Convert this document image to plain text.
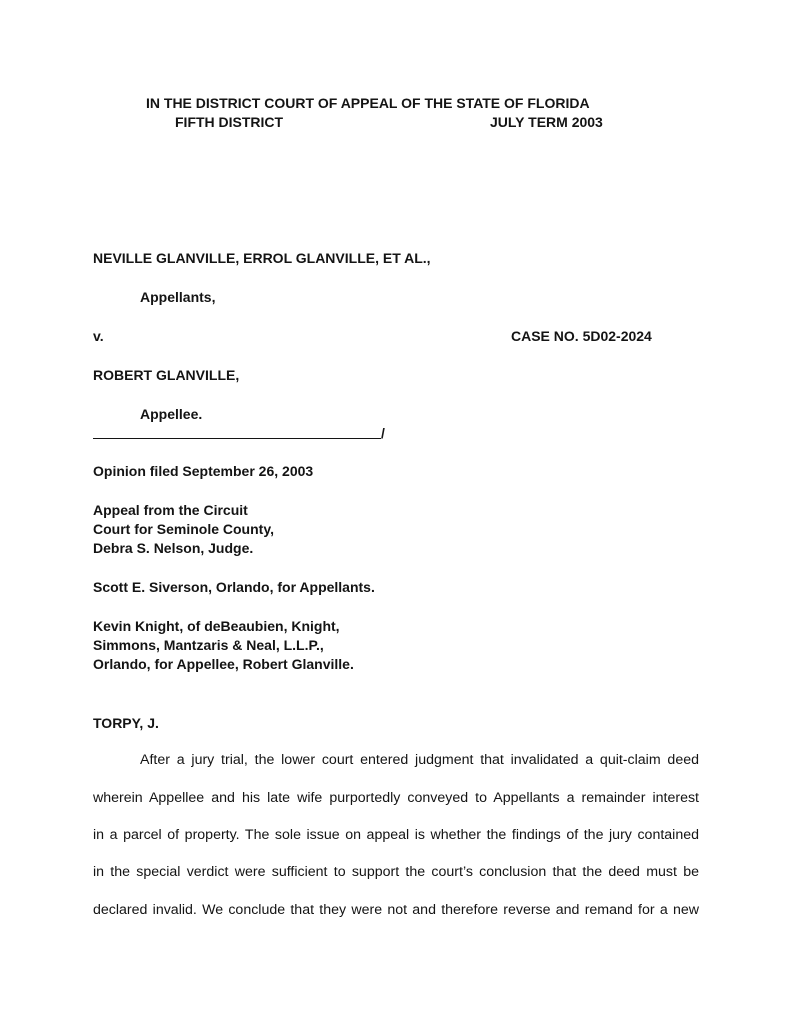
IN THE DISTRICT COURT OF APPEAL OF THE STATE OF FLORIDA
FIFTH DISTRICT	JULY TERM 2003
NEVILLE GLANVILLE, ERROL GLANVILLE, ET AL.,
Appellants,
v.	CASE NO. 5D02-2024
ROBERT GLANVILLE,
Appellee.
/
Opinion filed September 26, 2003
Appeal from the Circuit
Court for Seminole County,
Debra S. Nelson, Judge.
Scott E. Siverson, Orlando, for Appellants.
Kevin Knight, of deBeaubien, Knight,
Simmons, Mantzaris & Neal, L.L.P.,
Orlando, for Appellee, Robert Glanville.
TORPY, J.
After a jury trial, the lower court entered judgment that invalidated a quit-claim deed
wherein Appellee and his late wife purportedly conveyed to Appellants a remainder interest
in a parcel of property. The sole issue on appeal is whether the findings of the jury contained
in the special verdict were sufficient to support the court’s conclusion that the deed must be
declared invalid. We conclude that they were not and therefore reverse and remand for a new
